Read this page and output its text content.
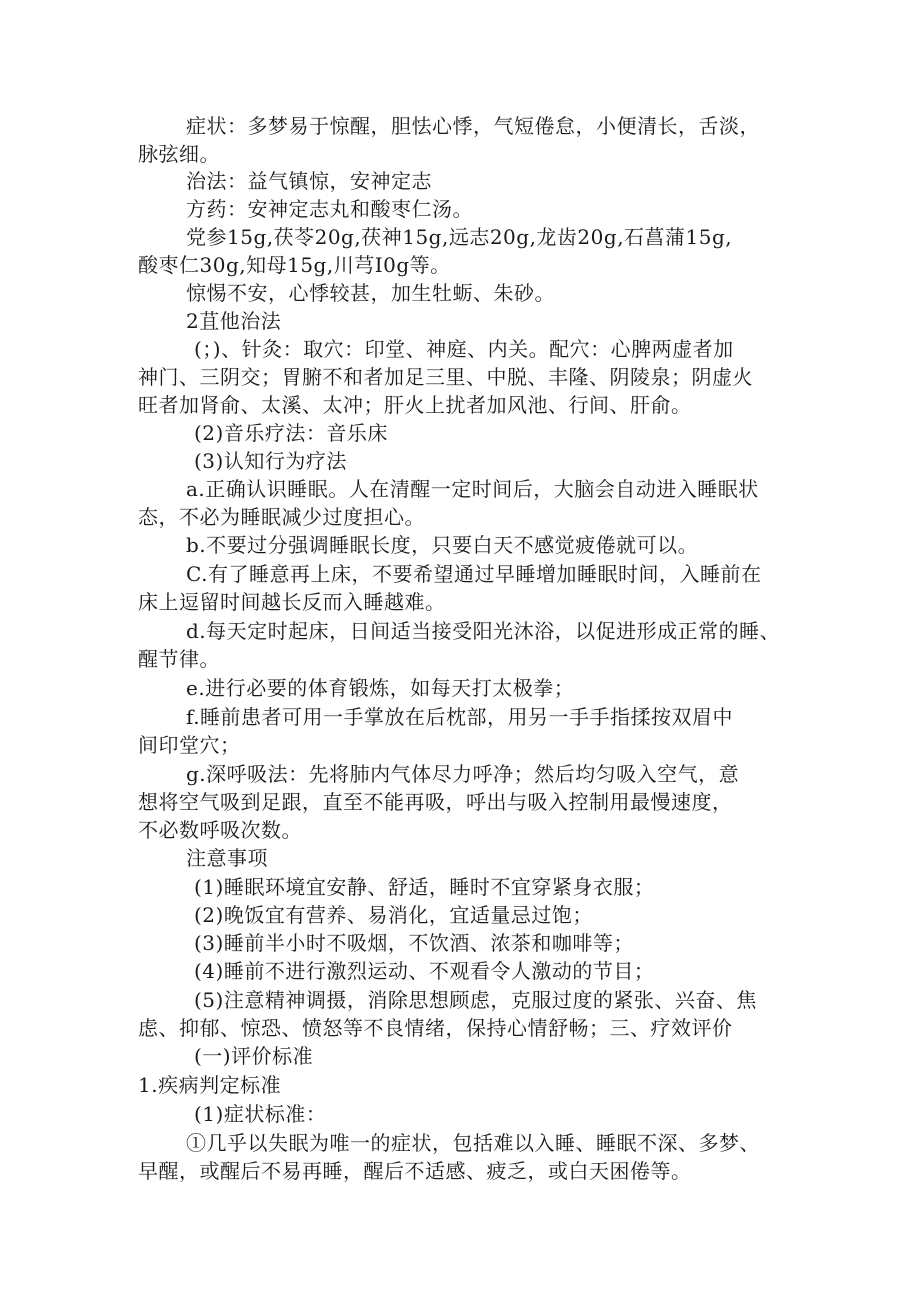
症状：多梦易于惊醒，胆怯心悸，气短倦怠，小便清长，舌淡，
脉弦细。
治法：益气镇惊，安神定志
方药：安神定志丸和酸枣仁汤。
党参15g,茯苓20g,茯神15g,远志20g,龙齿20g,石菖蒲15g,
酸枣仁30g,知母15g,川芎I0g等。
惊惕不安，心悸较甚，加生牡蛎、朱砂。
2苴他治法
(；)、针灸：取穴：印堂、神庭、内关。配穴：心脾两虚者加
神门、三阴交；胃腑不和者加足三里、中脱、丰隆、阴陵泉；阴虚火
旺者加肾俞、太溪、太冲；肝火上扰者加风池、行间、肝俞。
(2)音乐疗法：音乐床
(3)认知行为疗法
a.正确认识睡眠。人在清醒一定时间后，大脑会自动进入睡眠状
态，不必为睡眠减少过度担心。
b.不要过分强调睡眠长度，只要白天不感觉疲倦就可以。
C.有了睡意再上床，不要希望通过早睡增加睡眠时间，入睡前在
床上逗留时间越长反而入睡越难。
d.每天定时起床，日间适当接受阳光沐浴，以促进形成正常的睡、
醒节律。
e.进行必要的体育锻炼，如每天打太极拳；
f.睡前患者可用一手掌放在后枕部，用另一手手指揉按双眉中
间印堂穴；
g.深呼吸法：先将肺内气体尽力呼净；然后均匀吸入空气，意
想将空气吸到足跟，直至不能再吸，呼出与吸入控制用最慢速度，
不必数呼吸次数。
注意事项
(1)睡眠环境宜安静、舒适，睡时不宜穿紧身衣服；
(2)晚饭宜有营养、易消化，宜适量忌过饱；
(3)睡前半小时不吸烟，不饮酒、浓茶和咖啡等；
(4)睡前不进行激烈运动、不观看令人激动的节目；
(5)注意精神调摄，消除思想顾虑，克服过度的紧张、兴奋、焦
虑、抑郁、惊恐、愤怒等不良情绪，保持心情舒畅；三、疗效评价
(一)评价标准
1.疾病判定标准
(1)症状标准：
①几乎以失眠为唯一的症状，包括难以入睡、睡眠不深、多梦、
早醒，或醒后不易再睡，醒后不适感、疲乏，或白天困倦等。
